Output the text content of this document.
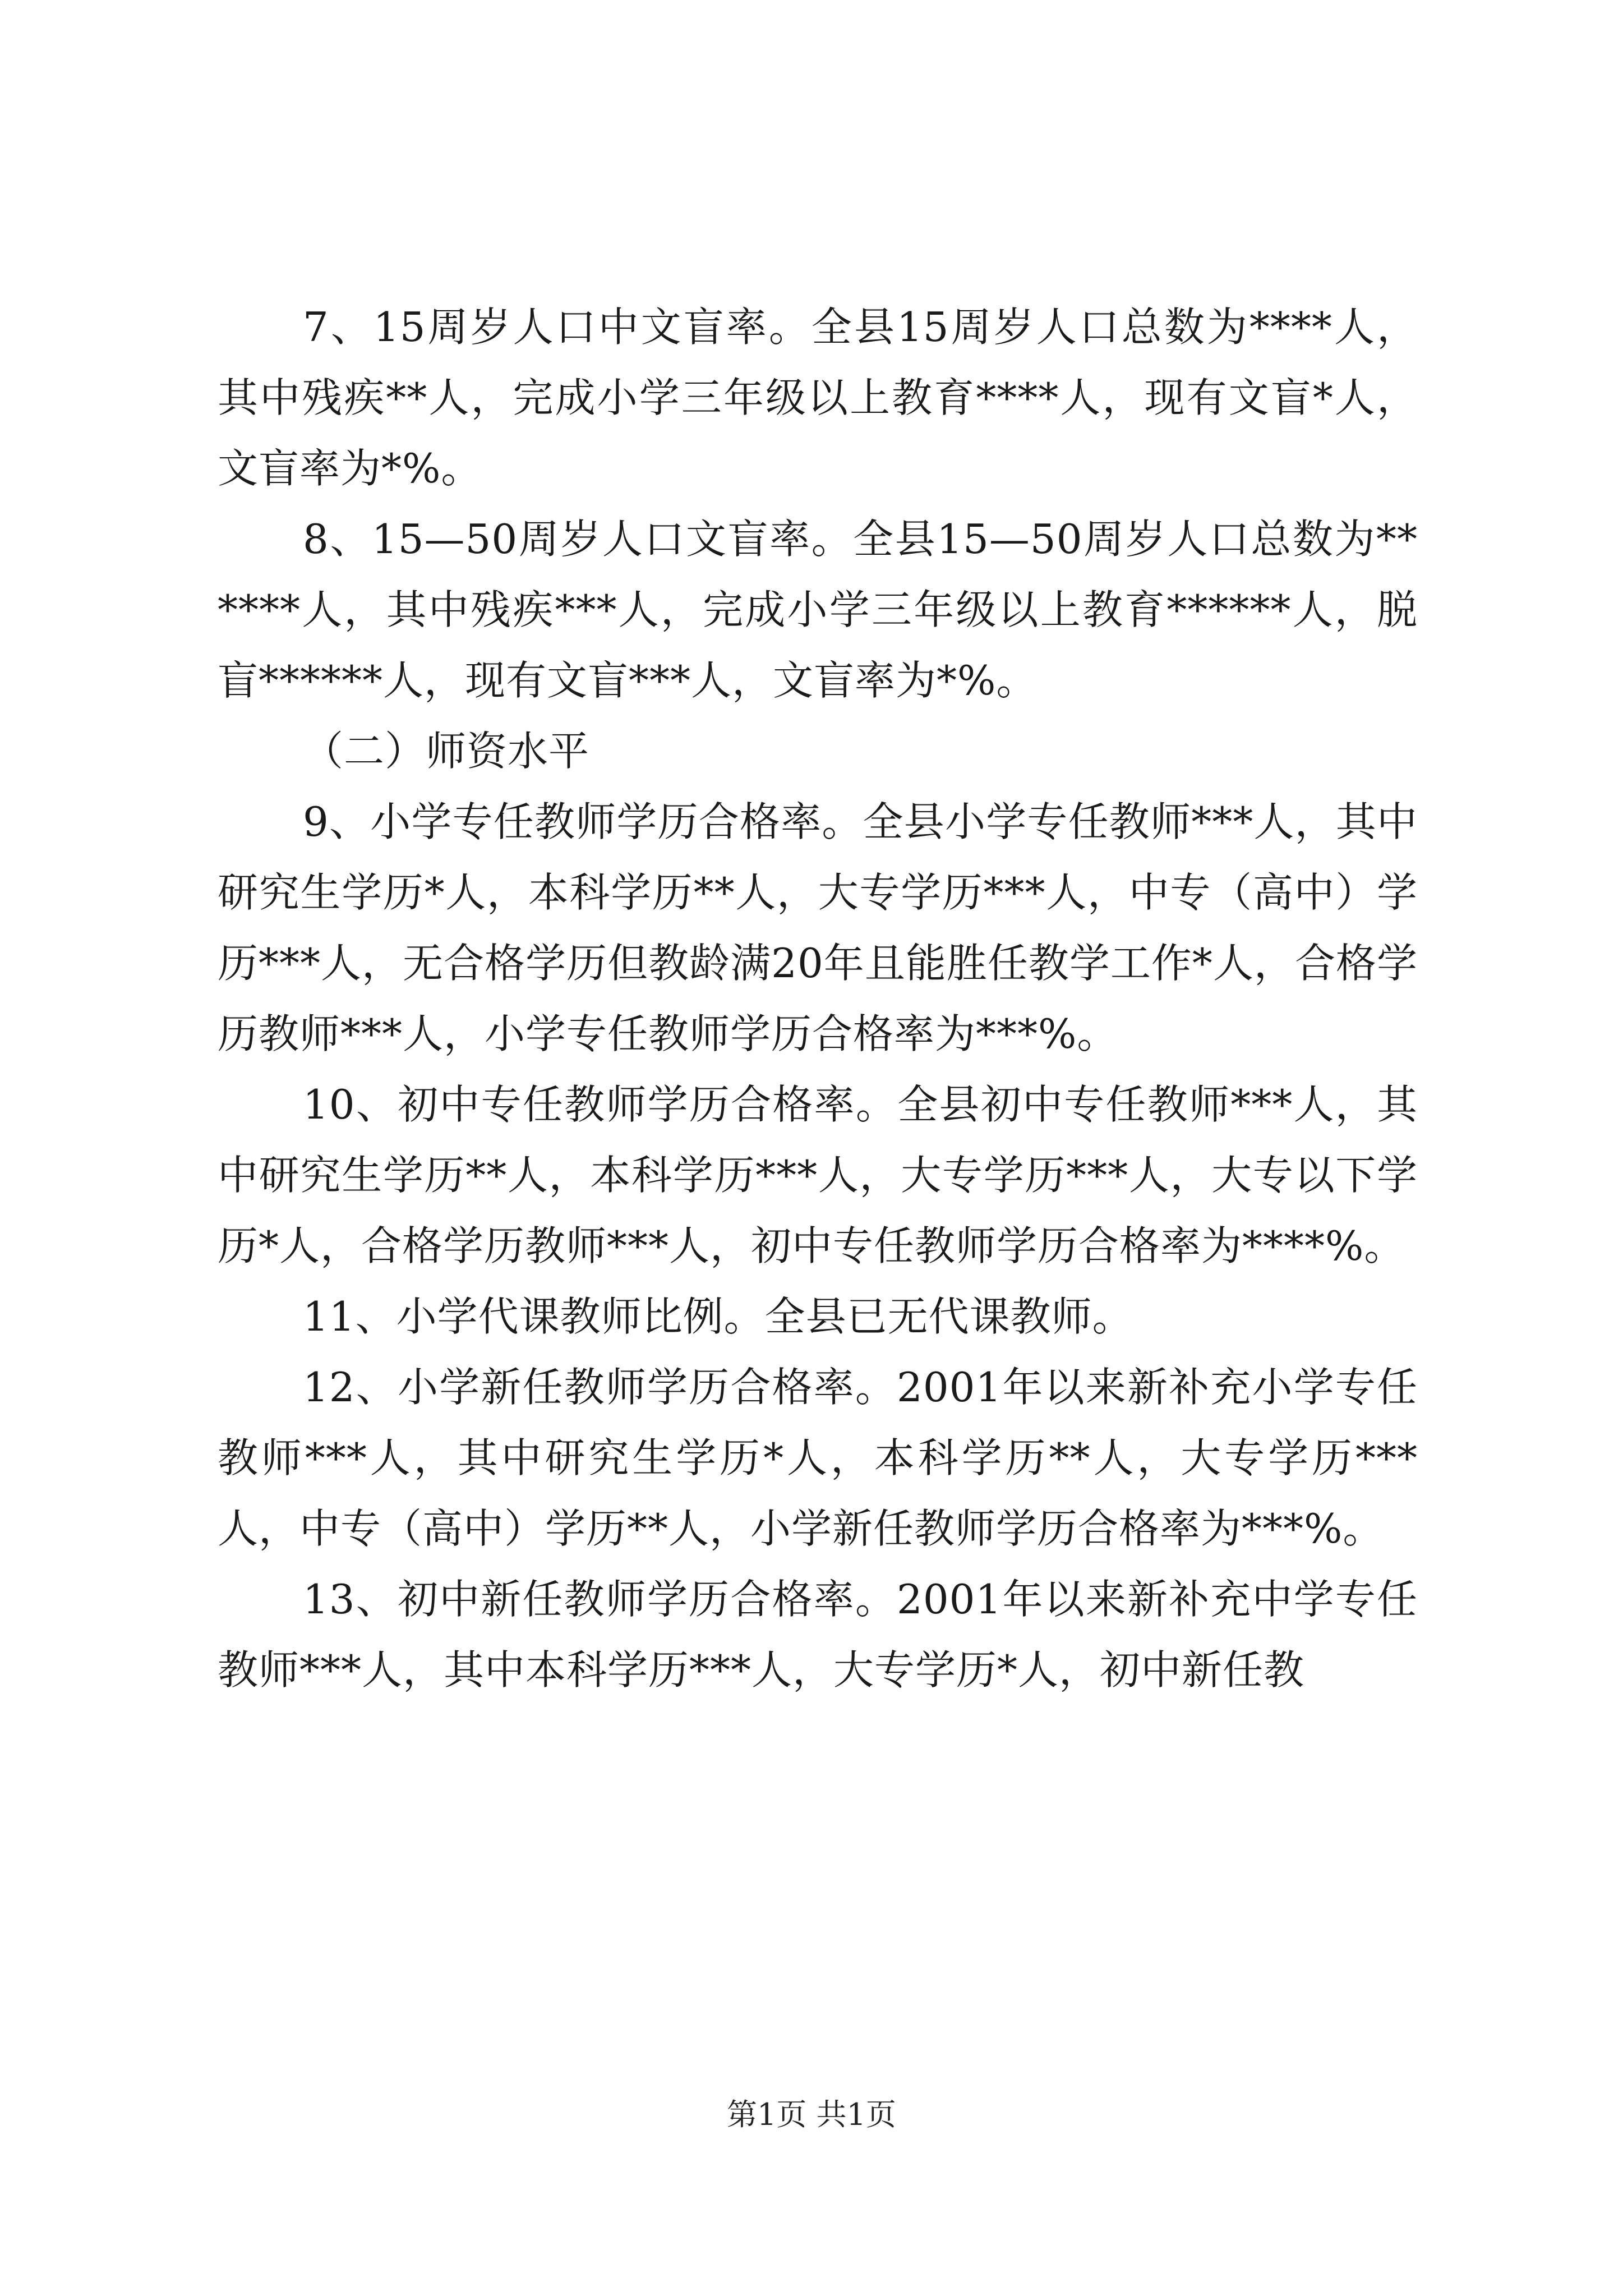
7、15周岁人口中文盲率。全县15周岁人口总数为****人，其中残疾**人，完成小学三年级以上教育****人，现有文盲*人，文盲率为*%。

8、15—50周岁人口文盲率。全县15—50周岁人口总数为******人，其中残疾***人，完成小学三年级以上教育******人，脱盲******人，现有文盲***人，文盲率为*%。

（二）师资水平

9、小学专任教师学历合格率。全县小学专任教师***人，其中研究生学历*人，本科学历**人，大专学历***人，中专（高中）学历***人，无合格学历但教龄满20年且能胜任教学工作*人，合格学历教师***人，小学专任教师学历合格率为***%。

10、初中专任教师学历合格率。全县初中专任教师***人，其中研究生学历**人，本科学历***人，大专学历***人，大专以下学历*人，合格学历教师***人，初中专任教师学历合格率为****%。

11、小学代课教师比例。全县已无代课教师。

12、小学新任教师学历合格率。2001年以来新补充小学专任教师***人，其中研究生学历*人，本科学历**人，大专学历***人，中专（高中）学历**人，小学新任教师学历合格率为***%。

13、初中新任教师学历合格率。2001年以来新补充中学专任教师***人，其中本科学历***人，大专学历*人，初中新任教

第1页 共1页
